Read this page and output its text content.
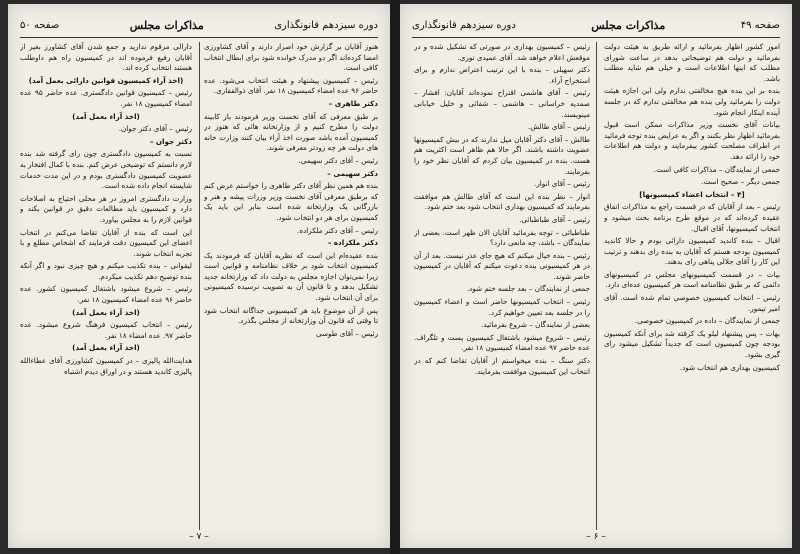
دوره سیزدهم قانونگذاری
مذاکرات مجلس
صفحه ۵۰

هنوز آقایان بر گزارش خود اصرار دارند و آقای کشاورزی امضا کرده‌اند اگر دو مدرک خوانده شود برای ابطال انتخاب کافی است.

رئیس – کمیسیون پیشنهاد و هیئت انتخاب می‌شود. عده حاضر ۹۶ عده امضاء کمیسیون ۱۸ نفر. آقای ذوالفقاری.

دکتر طاهری –

بر طبق معرفی که آقای نخست وزیر فرمودند باز کابینه دولت را مطرح کنیم و از وزارتخانه هائی که هنوز در کمیسیون آمده باشد صورت اخذ آراء بیان کنند وزارت خانه های دولت هر چه زودتر معرفی شوند.

رئیس – آقای دکتر سهیمی.

دکتر سهیمی –

بنده هم همین نظر آقای دکتر طاهری را خواستم عرض کنم که برطبق معرفی آقای نخست وزیر وزرات پیشه و هنر و بازرگانی یک وزارتخانه شده است بنابر این باید یک کمیسیون برای هر دو انتخاب شود.

رئیس – آقای دکتر ملکزاده.

دکتر ملکزاده –

بنده عقیده‌ام این است که نظریه آقایان که فرمودند یک کمیسیون انتخاب شود بر خلاف نظامنامه و قوانین است زیرا نمی‌توان اجازه مجلس به دولت داد که وزارتخانه جدید تشکیل بدهد و تا قانون آن به تصویب نرسیده کمیسیونی برای آن انتخاب شود.

پس از آن موضوع باید هر کمیسیونی جداگانه انتخاب شود تا وقتی که قانون آن وزارتخانه از مجلس بگذرد.

رئیس – آقای طوسی

دارالی مرقوم ندارید و جمع شدن آقای کشاورز بغیر از آقایان رفیع فرموده اند در کمیسیون راه هم داوطلب هستند انتخاب کرده اند.

(اخذ آراء کمیسیون قوانین دارائی بعمل آمد)

رئیس – کمیسیون قوانین دادگستری. عده حاضر ۹۵ عده امضاء کمیسیون ۱۸ نفر.

(اخذ آراء بعمل آمد)

رئیس – آقای دکتر جوان.

دکتر جوان –

نسبت به کمیسیون دادگستری چون رای گرفته شد بنده لازم دانستم که توضیحی عرض کنم. بنده با کمال افتخار به عضویت کمیسیون دادگستری بودم و در این مدت خدمات شایسته انجام داده شده است.

وزارت دادگستری امروز در هر محلی احتیاج به اصلاحات دارد و کمیسیون باید مطالعات دقیق در قوانین بکند و قوانین لازم را به مجلس بیاورد.

این است که بنده از آقایان تقاضا می‌کنم در انتخاب اعضای این کمیسیون دقت فرمایند که اشخاص مطلع و با تجربه انتخاب شوند.

لیقوانی – بنده تکذیب میکنم و هیچ چیزی نبود و اگر آنکه بنده توضیح دهم تکذیب میکردم.

رئیس – شروع میشود باشتغال کمیسیون کشور. عده حاضر ۹۶ عده امضاء کمیسیون ۱۸ نفر.

(اخذ آراء بعمل آمد)

رئیس – انتخاب کمیسیون فرهنگ شروع میشود. عده حاضر ۹۷. عده امضاء ۱۸ نفر.

(اخذ آراء بعمل آمد)

هدایت‌الله پالیزی – در کمیسیون کشاورزی آقای عطاءالله پالیزی کاندید هستند و در اوراق دیدم اشتباه

– ۷ –
صفحه ۴۹
مذاکرات مجلس
دوره سیزدهم قانونگذاری

امور کشور اظهار بفرمائید و ارائه طریق به هیئت دولت بفرمائید و دولت هم توضیحاتی بدهد در ساعت شورای مطلب که اینها اطلاعات است و خیلی هم شاید مطلب باشد.

بنده بر این بنده هیچ مخالفتی ندارم ولی این اجازه هیئت دولت را بفرمائید ولی بنده هم مخالفتی ندارم که در جلسه آینده اینکار انجام شود.

بیانات آقای نخست وزیر مذاکرات ممکن است قبول بفرمائید اظهار نظر بکنند و اگر به عرایض بنده توجه فرمائید در اطراف مصلحت کشور بیفرمایند و دولت هم اطلاعات خود را ارائه دهد.

جمعی از نمایندگان – مذاکرات کافی است.

جمعی دیگر – صحیح است.

[۴ – انتخاب اعضاء کمیسیونها]

رئیس – بعد از آقایان که در قسمت راجع به مذاکرات اتفاق عقیده کرده‌اند که در موقع طرح برنامه بحث میشود و انتخاب کمیسیونها، آقای اقبال.

اقبال – بنده کاندید کمیسیون دارائی بودم و حالا کاندید کمیسیون بودجه هستم که آقایان به بنده رای بدهند و ترتیب این کار را آقای جلالی پناهی رای بدهند.

بیات – در قسمت کمیسیونهای مجلس در کمیسیونهای دائمی که بر طبق نظامنامه است هر کمیسیون عده‌ای دارد.

رئیس – انتخاب کمیسیون خصوصی تمام شده است. آقای امیر تیمور.

جمعی از نمایندگان – داده در کمیسیون خصوصی.

بهات – پس پیشنهاد لیلو یک کرقته شد برای آنکه کمیسیون بودجه چون کمیسیون است که جدیداً تشکیل میشود رای گیری بشود.

کمیسیون بهداری هم انتخاب شود.

رئیس – کمیسیون بهداری در صورتی که تشکیل شده و در موقعش اعلام خواهد شد. آقای عمیدی نوری.

دکتر سهیلی – بنده با این ترتیب اعتراض ندارم و برای استخراج آراء.

رئیس – آقای هاشمی اقتراح نموده‌اند آقایان: افشار – صمدیه خراسانی – هاشمی – شفائی و خلیل خیابانی مینویسند.

رئیس – آقای طالش.

طالش – آقای دکتر آقایان میل ندارند که در بیش کمیسیونها عضویت داشته باشند. اگر حالا هم ظاهر است اکثریت هم هست. بنده در کمیسیون بیان کردم که آقایان نظر خود را بفرمایند.

رئیس – آقای انوار.

انوار – نظر بنده این است که آقای طالش هم موافقت بفرمایند که کمیسیون بهداری انتخاب شود بعد ختم شود.

رئیس – آقای طباطبائی.

طباطبائی – توجه بفرمائید آقایان الان ظهر است. بعضی از نمایندگان – باشد، چه مانعی دارد؟

رئیس – بنده خیال میکنم که هیچ جای عذر نیست. بعد از آن در هر کمیسیونی بنده دعوت میکنم که آقایان در کمیسیون حاضر شوند.

جمعی از نمایندگان – بعد جلسه ختم شود.

رئیس – انتخاب کمیسیونها حاضر است و اعضاء کمیسیون را در جلسه بعد تعیین خواهیم کرد.

بعضی از نمایندگان – شروع بفرمائید.

رئیس – شروع میشود باشتغال کمیسیون پست و تلگراف. عده حاضر ۹۷ عده امضاء کمیسیون ۱۸ نفر.

دکتر سنگ – بنده میخواستم از آقایان تقاضا کنم که در انتخاب این کمیسیون موافقت بفرمایند.

– ۶ –
